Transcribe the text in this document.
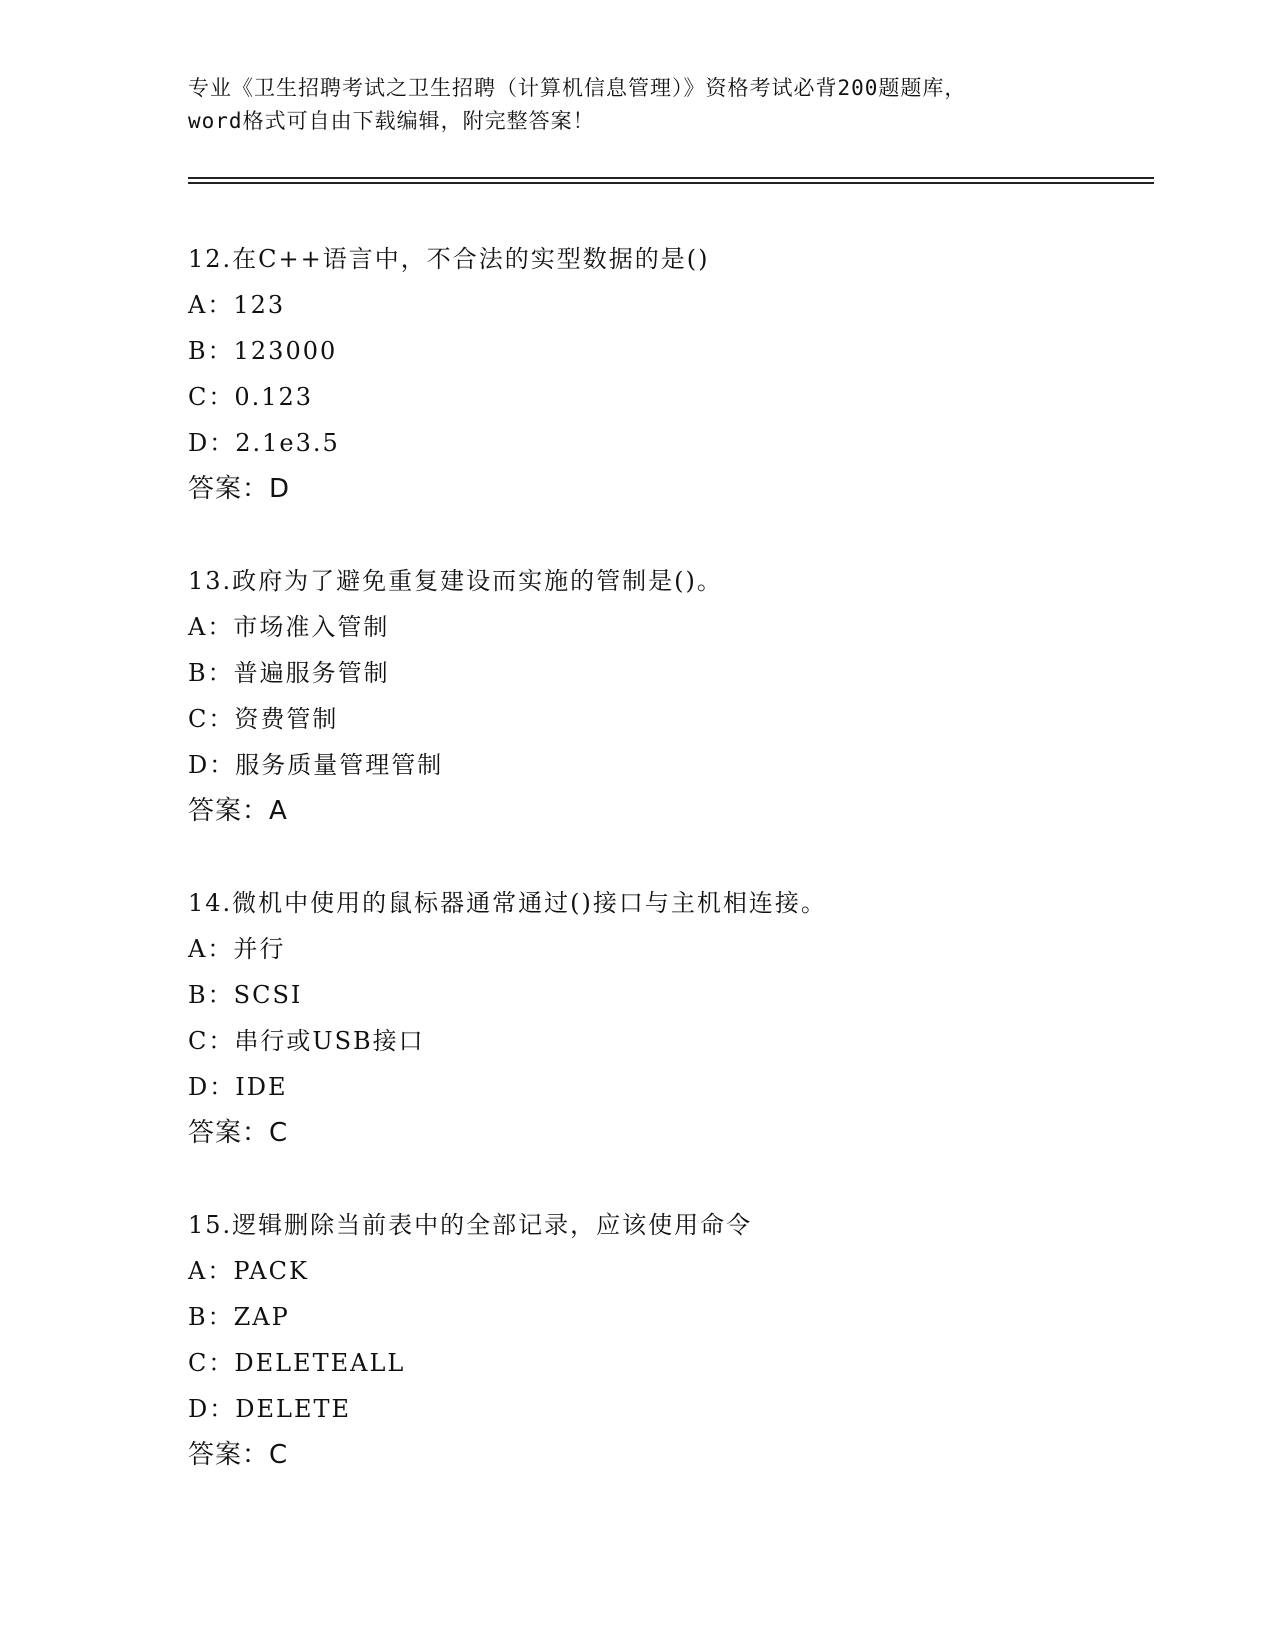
专业《卫生招聘考试之卫生招聘（计算机信息管理）》资格考试必背200题题库，
word格式可自由下载编辑，附完整答案！
12.在C++语言中，不合法的实型数据的是()
A：123
B：123000
C：0.123
D：2.1e3.5
答案：D
13.政府为了避免重复建设而实施的管制是()。
A：市场准入管制
B：普遍服务管制
C：资费管制
D：服务质量管理管制
答案：A
14.微机中使用的鼠标器通常通过()接口与主机相连接。
A：并行
B：SCSI
C：串行或USB接口
D：IDE
答案：C
15.逻辑删除当前表中的全部记录，应该使用命令
A：PACK
B：ZAP
C：DELETEALL
D：DELETE
答案：C
